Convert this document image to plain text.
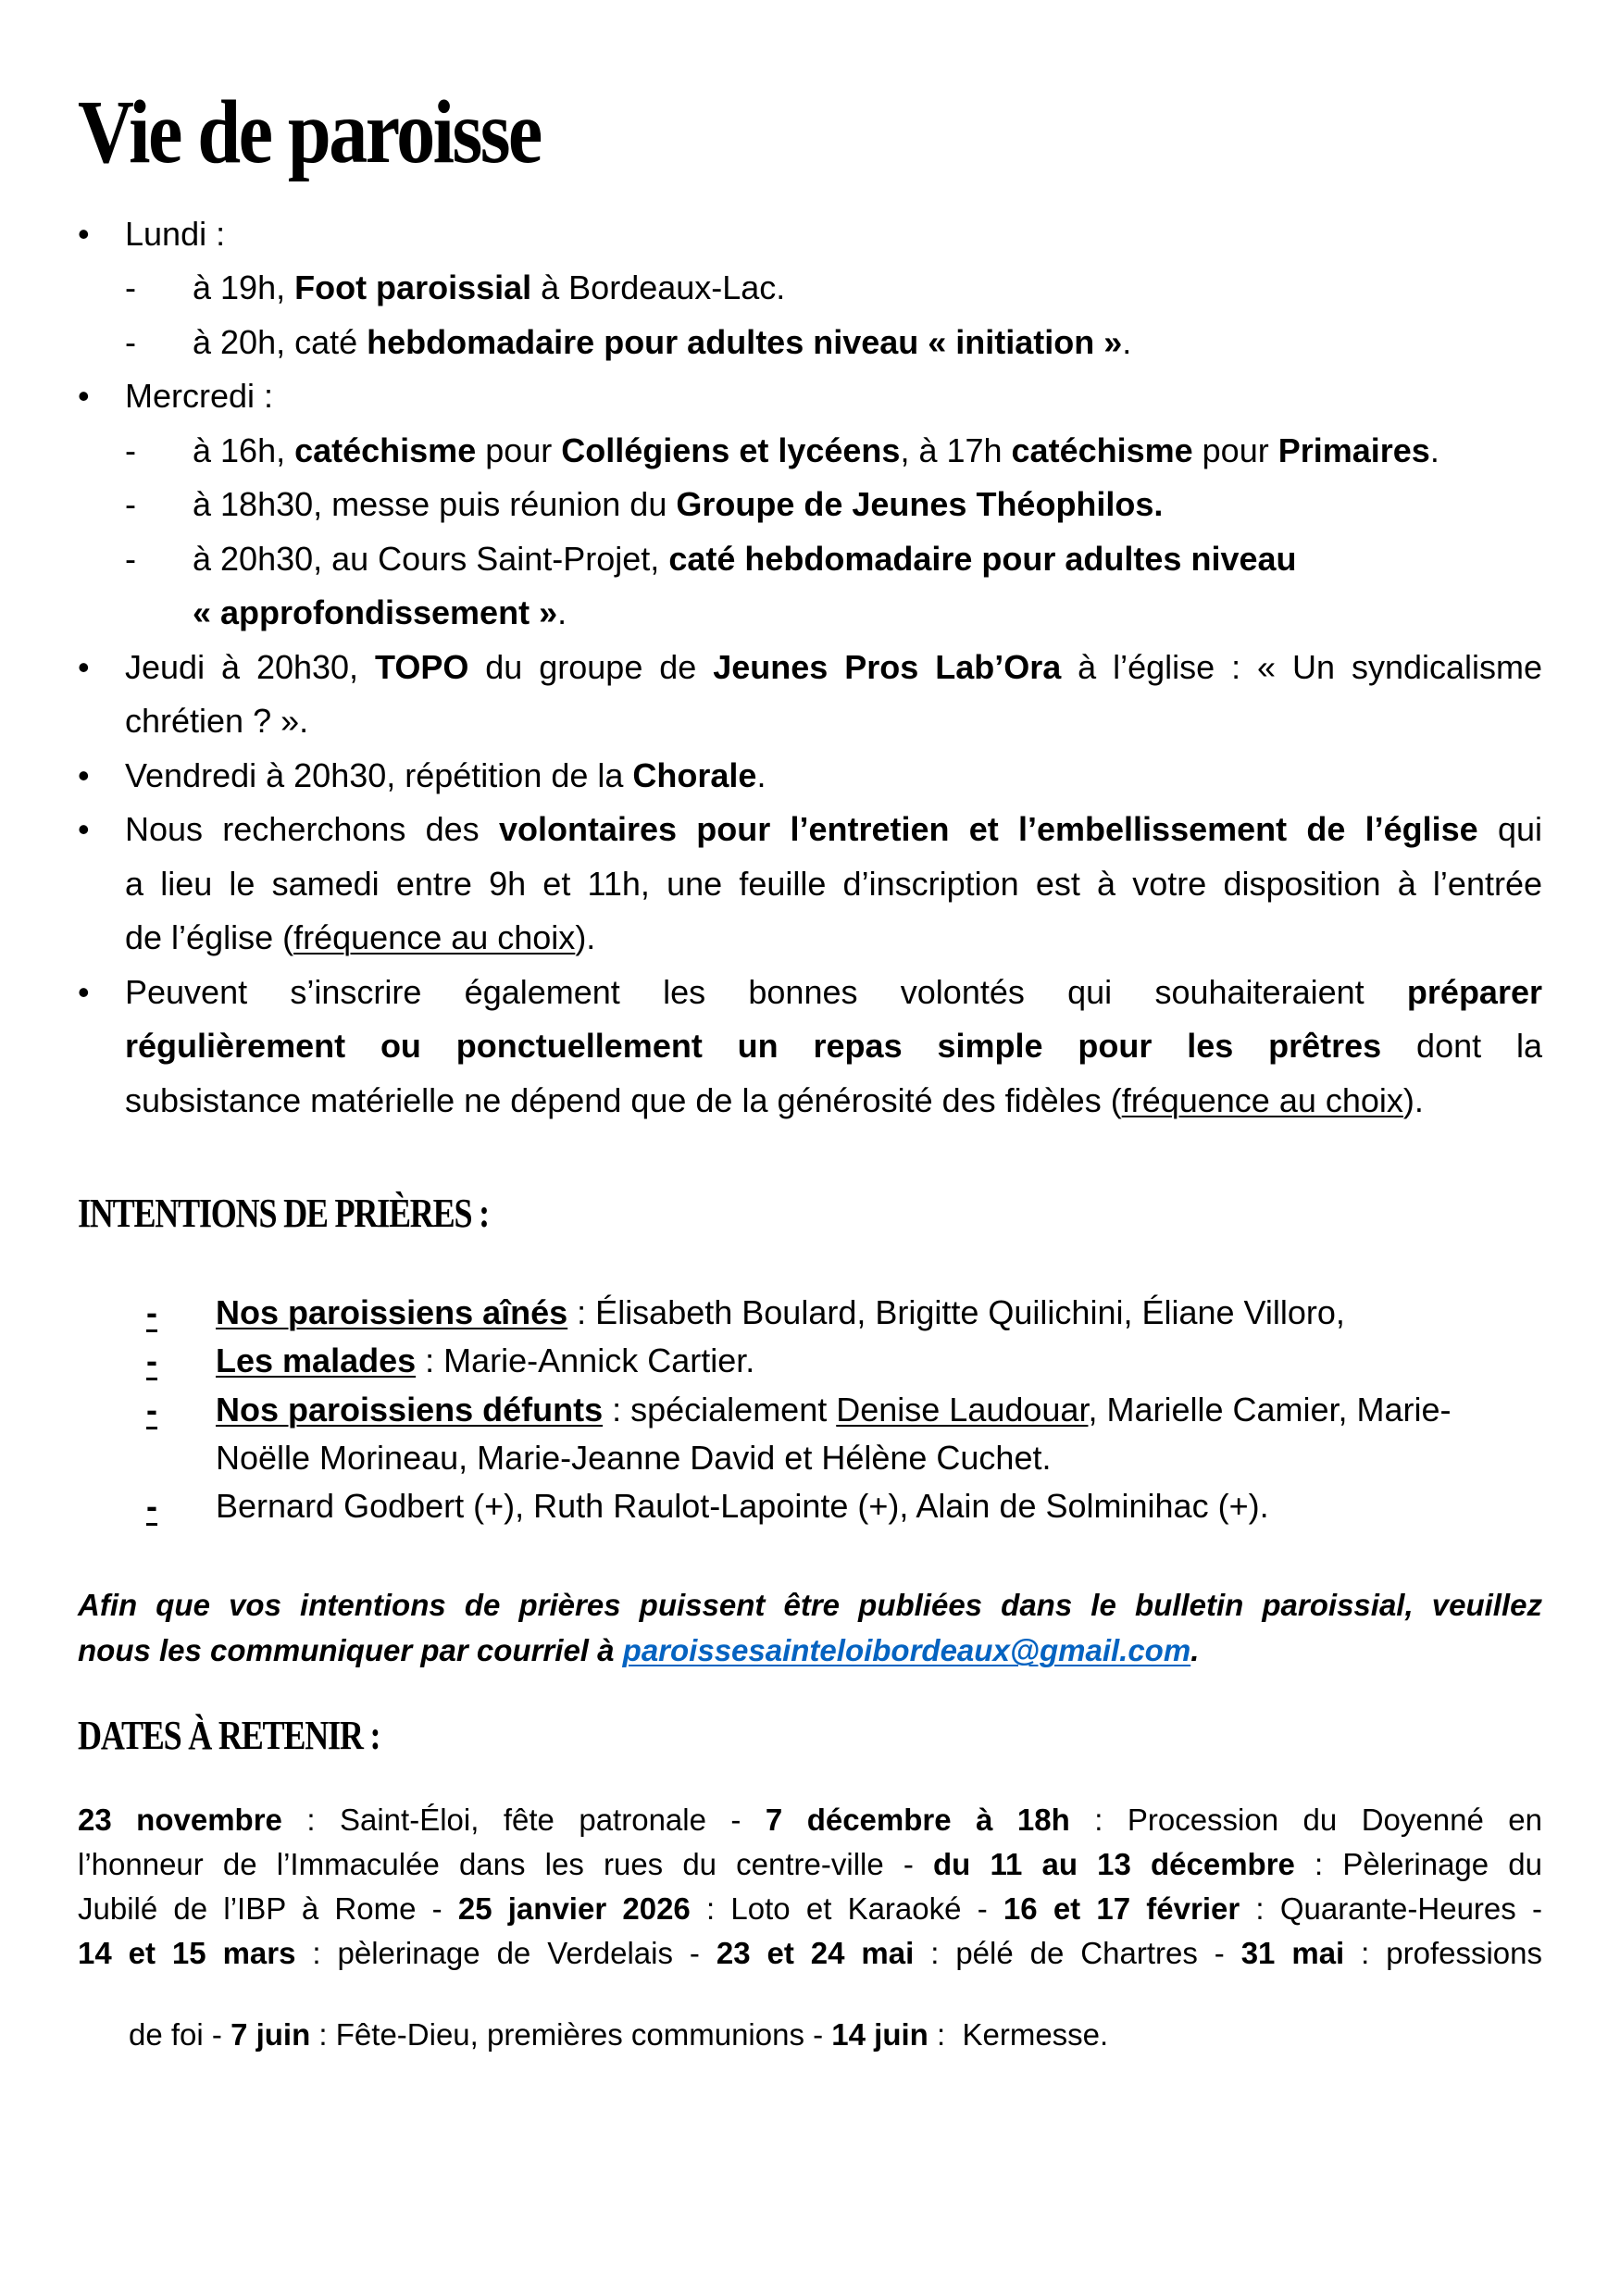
Vie de paroisse
• Lundi :
- à 19h, Foot paroissial à Bordeaux-Lac.
- à 20h, caté hebdomadaire pour adultes niveau « initiation ».
• Mercredi :
- à 16h, catéchisme pour Collégiens et lycéens, à 17h catéchisme pour Primaires.
- à 18h30, messe puis réunion du Groupe de Jeunes Théophilos.
- à 20h30, au Cours Saint-Projet, caté hebdomadaire pour adultes niveau
« approfondissement ».
• Jeudi à 20h30, TOPO du groupe de Jeunes Pros Lab’Ora à l’église : « Un syndicalisme
chrétien ? ».
• Vendredi à 20h30, répétition de la Chorale.
• Nous recherchons des volontaires pour l’entretien et l’embellissement de l’église qui
a lieu le samedi entre 9h et 11h, une feuille d’inscription est à votre disposition à l’entrée
de l’église (fréquence au choix).
• Peuvent s’inscrire également les bonnes volontés qui souhaiteraient préparer
régulièrement ou ponctuellement un repas simple pour les prêtres dont la
subsistance matérielle ne dépend que de la générosité des fidèles (fréquence au choix).
INTENTIONS DE PRIÈRES :
- Nos paroissiens aînés : Élisabeth Boulard, Brigitte Quilichini, Éliane Villoro,
- Les malades : Marie-Annick Cartier.
- Nos paroissiens défunts : spécialement Denise Laudouar, Marielle Camier, Marie-
Noëlle Morineau, Marie-Jeanne David et Hélène Cuchet.
- Bernard Godbert (+), Ruth Raulot-Lapointe (+), Alain de Solminihac (+).
Afin que vos intentions de prières puissent être publiées dans le bulletin paroissial, veuillez
nous les communiquer par courriel à paroissesainteloibordeaux@gmail.com.
DATES À RETENIR :
23 novembre : Saint-Éloi, fête patronale - 7 décembre à 18h : Procession du Doyenné en
l’honneur de l’Immaculée dans les rues du centre-ville - du 11 au 13 décembre : Pèlerinage du
Jubilé de l’IBP à Rome - 25 janvier 2026 : Loto et Karaoké - 16 et 17 février : Quarante-Heures -
14 et 15 mars : pèlerinage de Verdelais - 23 et 24 mai : pélé de Chartres - 31 mai : professions

de foi - 7 juin : Fête-Dieu, premières communions - 14 juin :  Kermesse.
